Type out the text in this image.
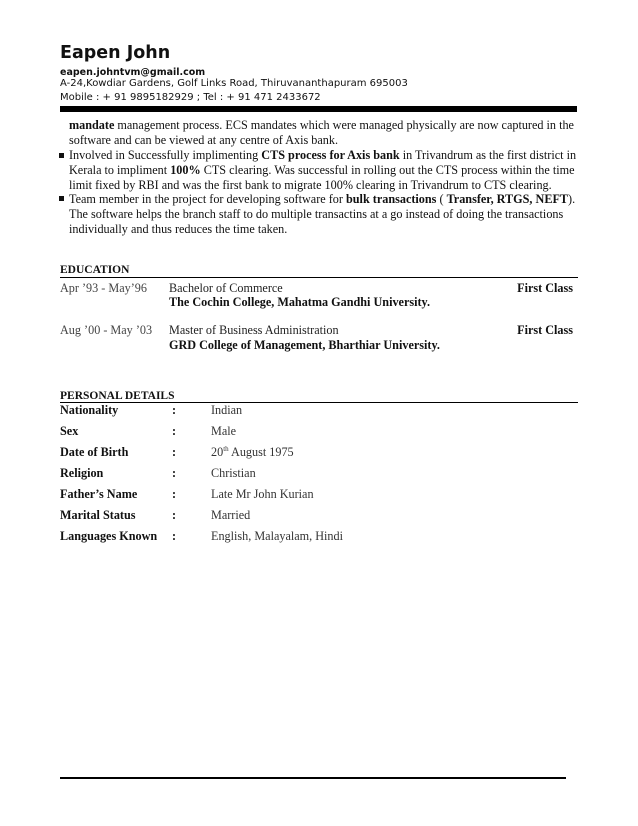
Eapen John
eapen.johntvm@gmail.com
A-24,Kowdiar Gardens, Golf Links Road, Thiruvananthapuram 695003
Mobile : + 91 9895182929 ; Tel : + 91 471 2433672
mandate management process. ECS mandates which were managed physically are now captured in the software and can be viewed at any centre of Axis bank.
Involved in Successfully implimenting CTS process for Axis bank in Trivandrum as the first district in Kerala to impliment 100% CTS clearing. Was successful in rolling out the CTS process within the time limit fixed by RBI and was the first bank to migrate 100% clearing in Trivandrum to CTS clearing.
Team member in the project for developing software for bulk transactions ( Transfer, RTGS, NEFT). The software helps the branch staff to do multiple transactins at a go instead of doing the transactions individually and thus reduces the time taken.
EDUCATION
Apr ’93 - May’96 Bachelor of Commerce	First Class
The Cochin College, Mahatma Gandhi University.
Aug ’00 - May ’03 Master of Business Administration	First Class
GRD College of Management, Bharthiar University.
PERSONAL DETAILS
Nationality	:	Indian
Sex	:	Male
Date of Birth	:	20th August 1975
Religion	:	Christian
Father’s Name	:	Late Mr John Kurian
Marital Status	:	Married
Languages Known :	English, Malayalam, Hindi
